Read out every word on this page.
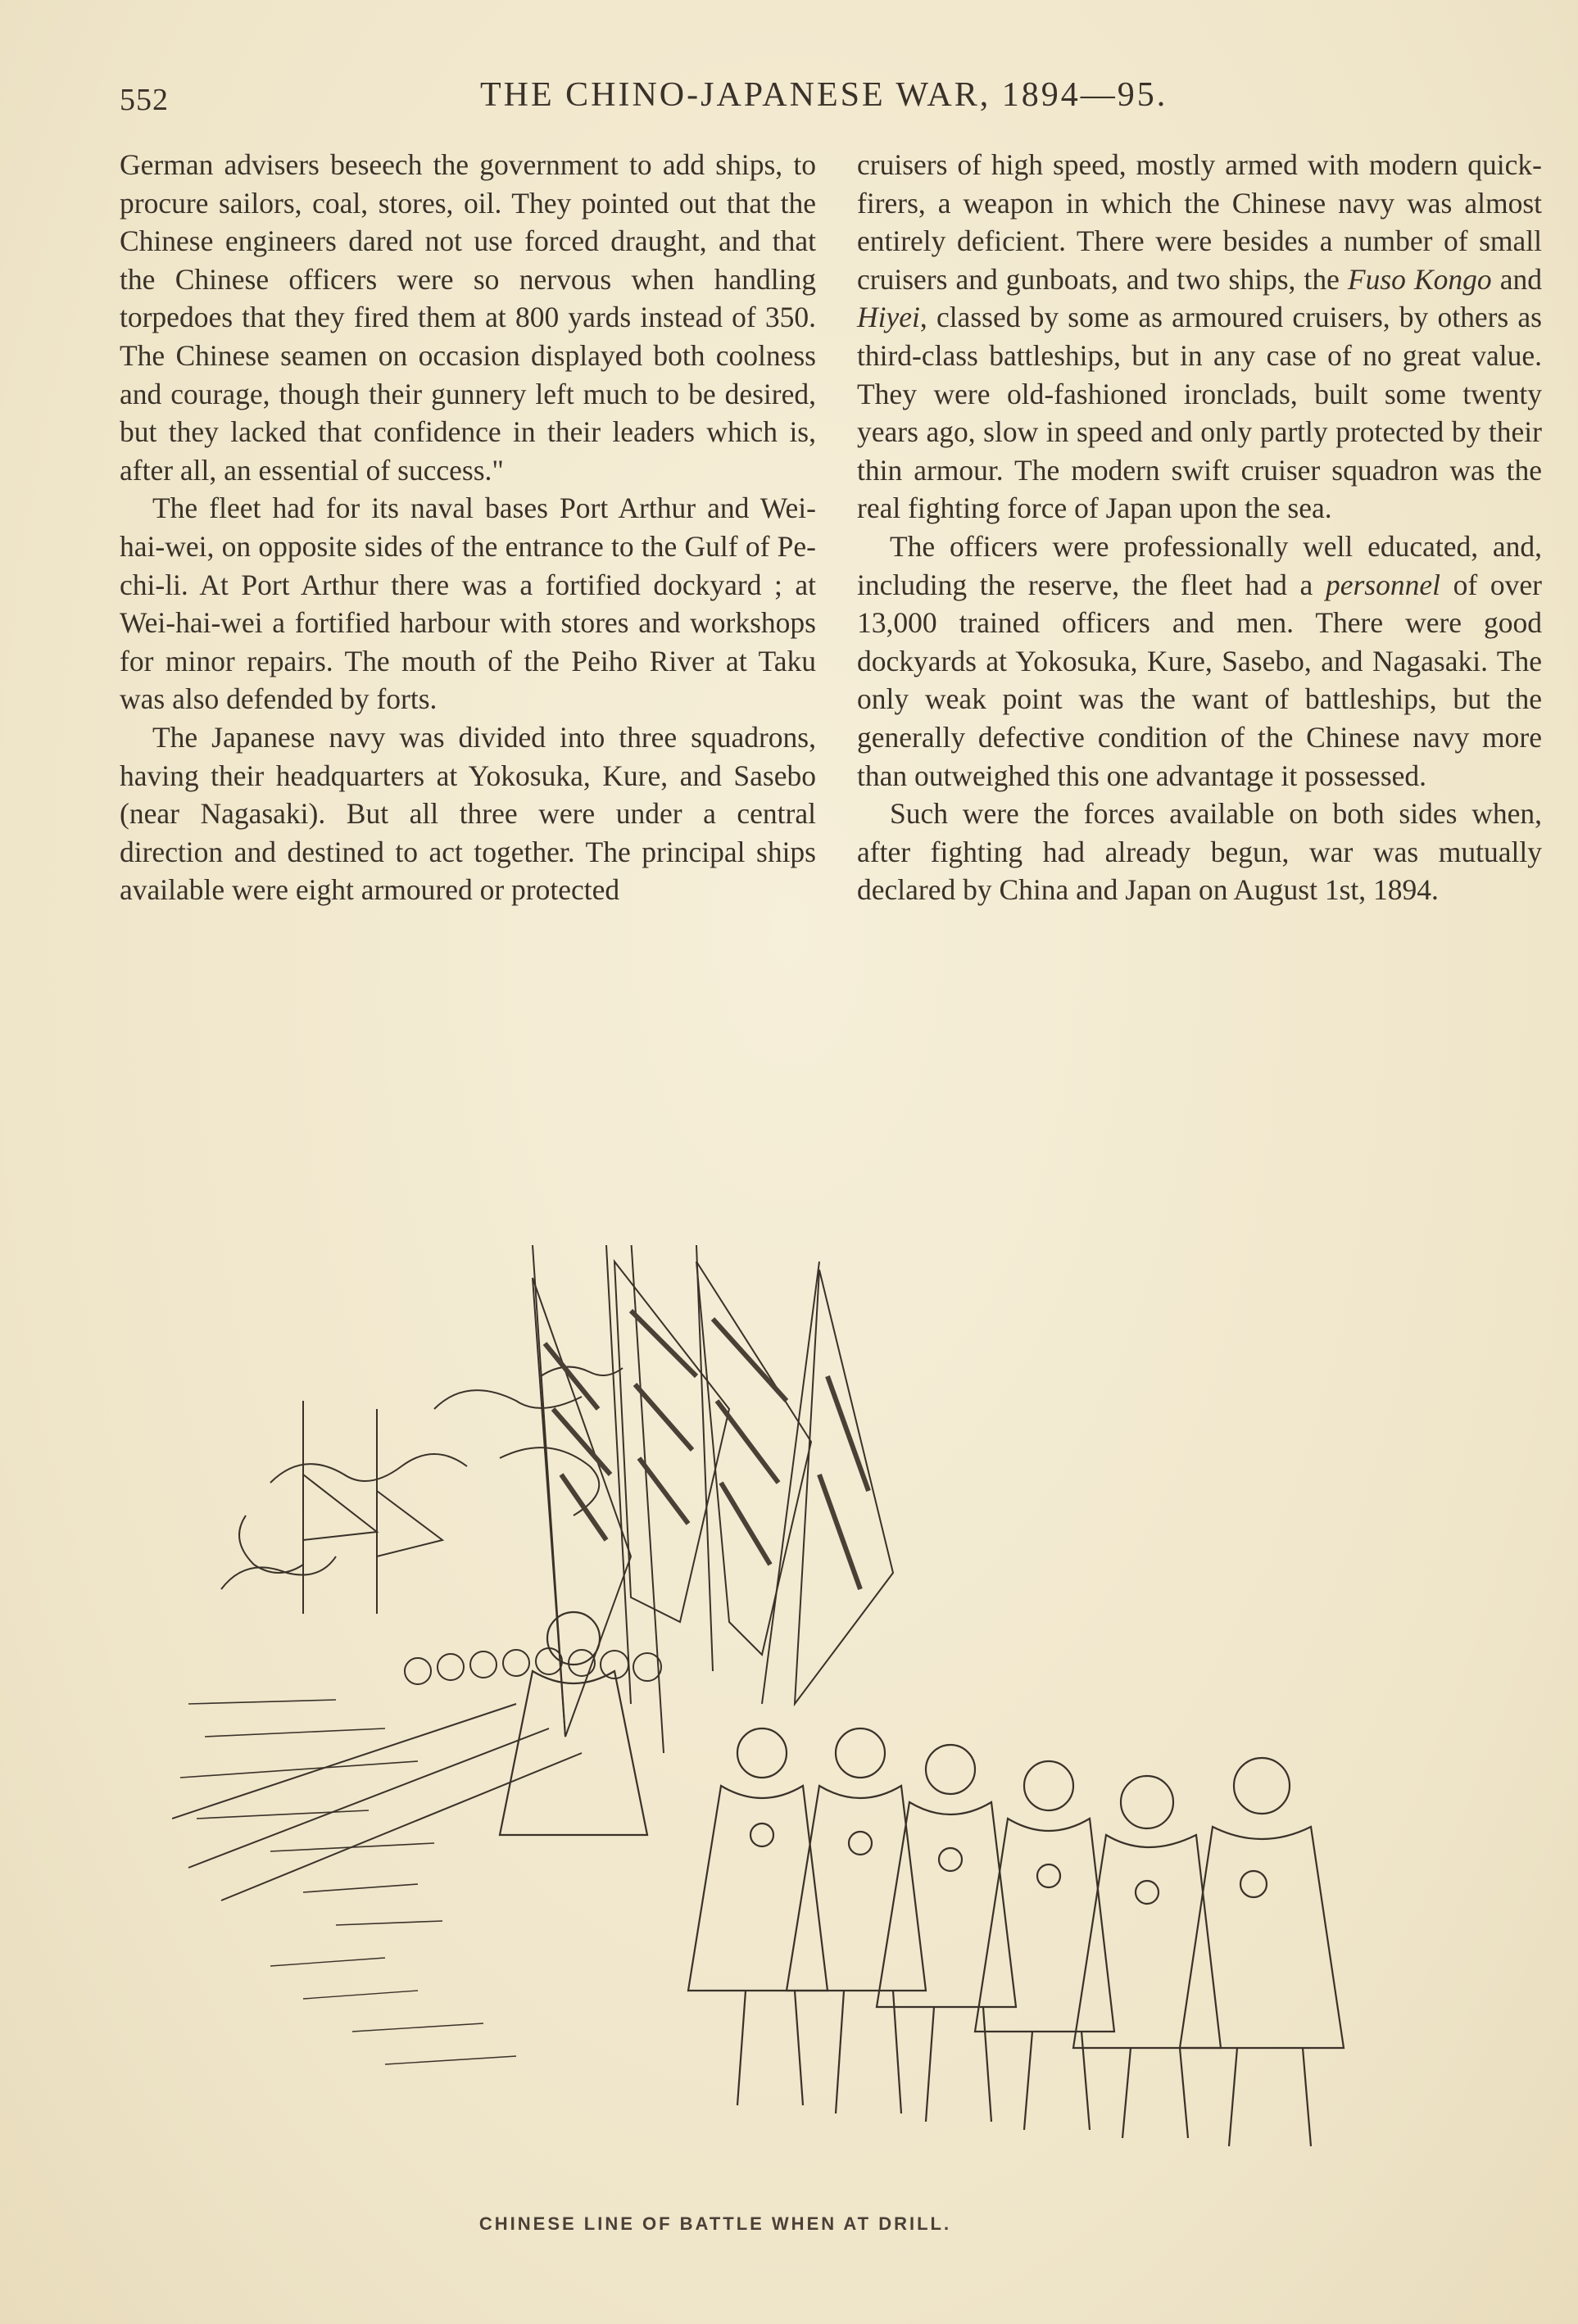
552	THE CHINO-JAPANESE WAR, 1894—95.

German advisers beseech the government to add ships, to procure sailors, coal, stores, oil. They pointed out that the Chinese engineers dared not use forced draught, and that the Chinese officers were so nervous when handling torpedoes that they fired them at 800 yards instead of 350. The Chinese seamen on occasion displayed both coolness and courage, though their gunnery left much to be desired, but they lacked that confidence in their leaders which is, after all, an essential of success."

The fleet had for its naval bases Port Arthur and Wei-hai-wei, on opposite sides of the entrance to the Gulf of Pe-chi-li. At Port Arthur there was a fortified dockyard ; at Wei-hai-wei a fortified harbour with stores and workshops for minor repairs. The mouth of the Peiho River at Taku was also defended by forts.

The Japanese navy was divided into three squadrons, having their headquarters at Yokosuka, Kure, and Sasebo (near Nagasaki). But all three were under a central direction and destined to act together. The principal ships available were eight armoured or protected

cruisers of high speed, mostly armed with modern quick-firers, a weapon in which the Chinese navy was almost entirely deficient. There were besides a number of small cruisers and gunboats, and two ships, the Fuso Kongo and Hiyei, classed by some as armoured cruisers, by others as third-class battleships, but in any case of no great value. They were old-fashioned ironclads, built some twenty years ago, slow in speed and only partly protected by their thin armour. The modern swift cruiser squadron was the real fighting force of Japan upon the sea.

The officers were professionally well educated, and, including the reserve, the fleet had a personnel of over 13,000 trained officers and men. There were good dockyards at Yokosuka, Kure, Sasebo, and Nagasaki. The only weak point was the want of battleships, but the generally defective condition of the Chinese navy more than outweighed this one advantage it possessed.

Such were the forces available on both sides when, after fighting had already begun, war was mutually declared by China and Japan on August 1st, 1894.

CHINESE LINE OF BATTLE WHEN AT DRILL.
